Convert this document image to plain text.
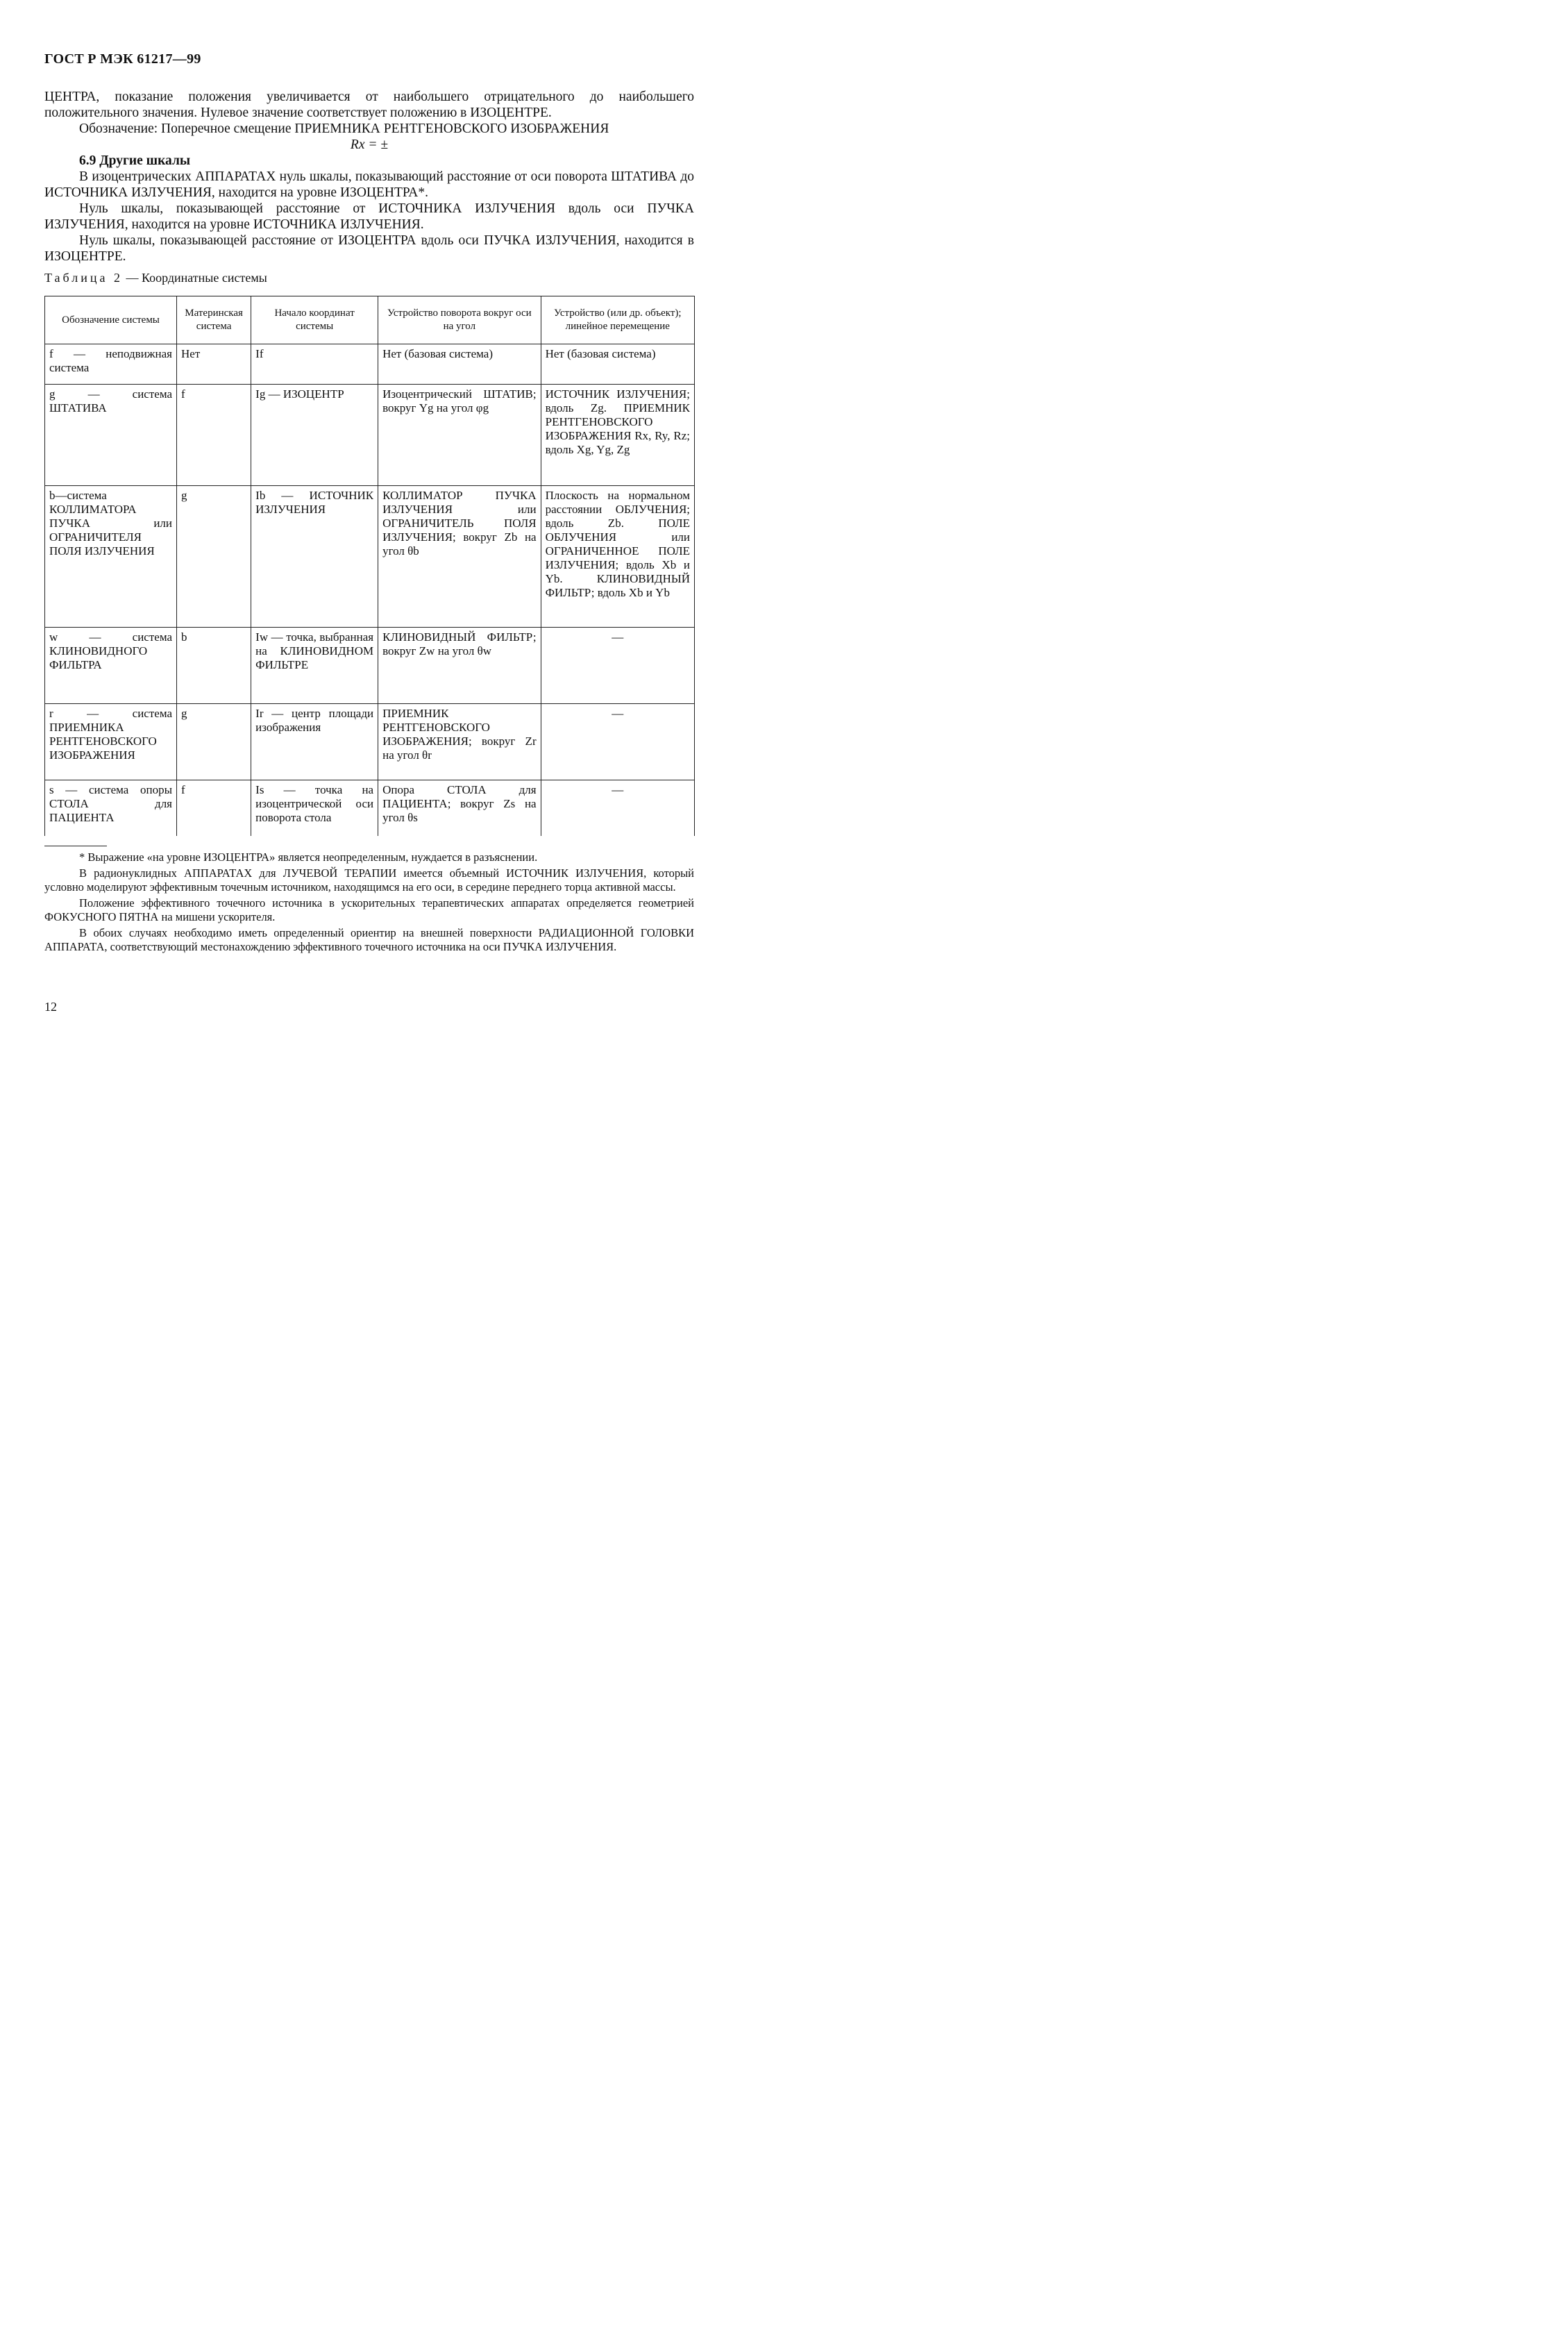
ГОСТ Р МЭК 61217—99

ЦЕНТРА, показание положения увеличивается от наибольшего отрицательного до наибольшего положительного значения. Нулевое значение соответствует положению в ИЗОЦЕНТРЕ.

Обозначение: Поперечное смещение ПРИЕМНИКА РЕНТГЕНОВСКОГО ИЗОБРАЖЕНИЯ

Rx = ±

6.9 Другие шкалы

В изоцентрических АППАРАТАХ нуль шкалы, показывающий расстояние от оси поворота ШТАТИВА до ИСТОЧНИКА ИЗЛУЧЕНИЯ, находится на уровне ИЗОЦЕНТРА*.

Нуль шкалы, показывающей расстояние от ИСТОЧНИКА ИЗЛУЧЕНИЯ вдоль оси ПУЧКА ИЗЛУЧЕНИЯ, находится на уровне ИСТОЧНИКА ИЗЛУЧЕНИЯ.

Нуль шкалы, показывающей расстояние от ИЗОЦЕНТРА вдоль оси ПУЧКА ИЗЛУЧЕНИЯ, находится в ИЗОЦЕНТРЕ.

Таблица 2 — Координатные системы
Обозначение системы	Материнская система	Начало координат системы	Устройство поворота вокруг оси на угол	Устройство (или др. объект); линейное перемещение
f — неподвижная система	Нет	If	Нет (базовая система)	Нет (базовая система)
g — система ШТАТИВА	f	Ig — ИЗОЦЕНТР	Изоцентрический ШТАТИВ; вокруг Yg на угол φg	ИСТОЧНИК ИЗЛУЧЕНИЯ; вдоль Zg. ПРИЕМНИК РЕНТГЕНОВСКОГО ИЗОБРАЖЕНИЯ Rx, Ry, Rz; вдоль Xg, Yg, Zg
b—система КОЛЛИМАТОРА ПУЧКА или ОГРАНИЧИТЕЛЯ ПОЛЯ ИЗЛУЧЕНИЯ	g	Ib — ИСТОЧНИК ИЗЛУЧЕНИЯ	КОЛЛИМАТОР ПУЧКА ИЗЛУЧЕНИЯ или ОГРАНИЧИТЕЛЬ ПОЛЯ ИЗЛУЧЕНИЯ; вокруг Zb на угол θb	Плоскость на нормальном расстоянии ОБЛУЧЕНИЯ; вдоль Zb. ПОЛЕ ОБЛУЧЕНИЯ или ОГРАНИЧЕННОЕ ПОЛЕ ИЗЛУЧЕНИЯ; вдоль Xb и Yb. КЛИНОВИДНЫЙ ФИЛЬТР; вдоль Xb и Yb
w — система КЛИНОВИДНОГО ФИЛЬТРА	b	Iw — точка, выбранная на КЛИНОВИДНОМ ФИЛЬТРЕ	КЛИНОВИДНЫЙ ФИЛЬТР; вокруг Zw на угол θw	—
r — система ПРИЕМНИКА РЕНТГЕНОВСКОГО ИЗОБРАЖЕНИЯ	g	Ir — центр площади изображения	ПРИЕМНИК РЕНТГЕНОВСКОГО ИЗОБРАЖЕНИЯ; вокруг Zr на угол θr	—
s — система опоры СТОЛА для ПАЦИЕНТА	f	Is — точка на изоцентрической оси поворота стола	Опора СТОЛА для ПАЦИЕНТА; вокруг Zs на угол θs	—

* Выражение «на уровне ИЗОЦЕНТРА» является неопределенным, нуждается в разъяснении.

В радионуклидных АППАРАТАХ для ЛУЧЕВОЙ ТЕРАПИИ имеется объемный ИСТОЧНИК ИЗЛУЧЕНИЯ, который условно моделируют эффективным точечным источником, находящимся на его оси, в середине переднего торца активной массы.

Положение эффективного точечного источника в ускорительных терапевтических аппаратах определяется геометрией ФОКУСНОГО ПЯТНА на мишени ускорителя.

В обоих случаях необходимо иметь определенный ориентир на внешней поверхности РАДИАЦИОННОЙ ГОЛОВКИ АППАРАТА, соответствующий местонахождению эффективного точечного источника на оси ПУЧКА ИЗЛУЧЕНИЯ.

12
